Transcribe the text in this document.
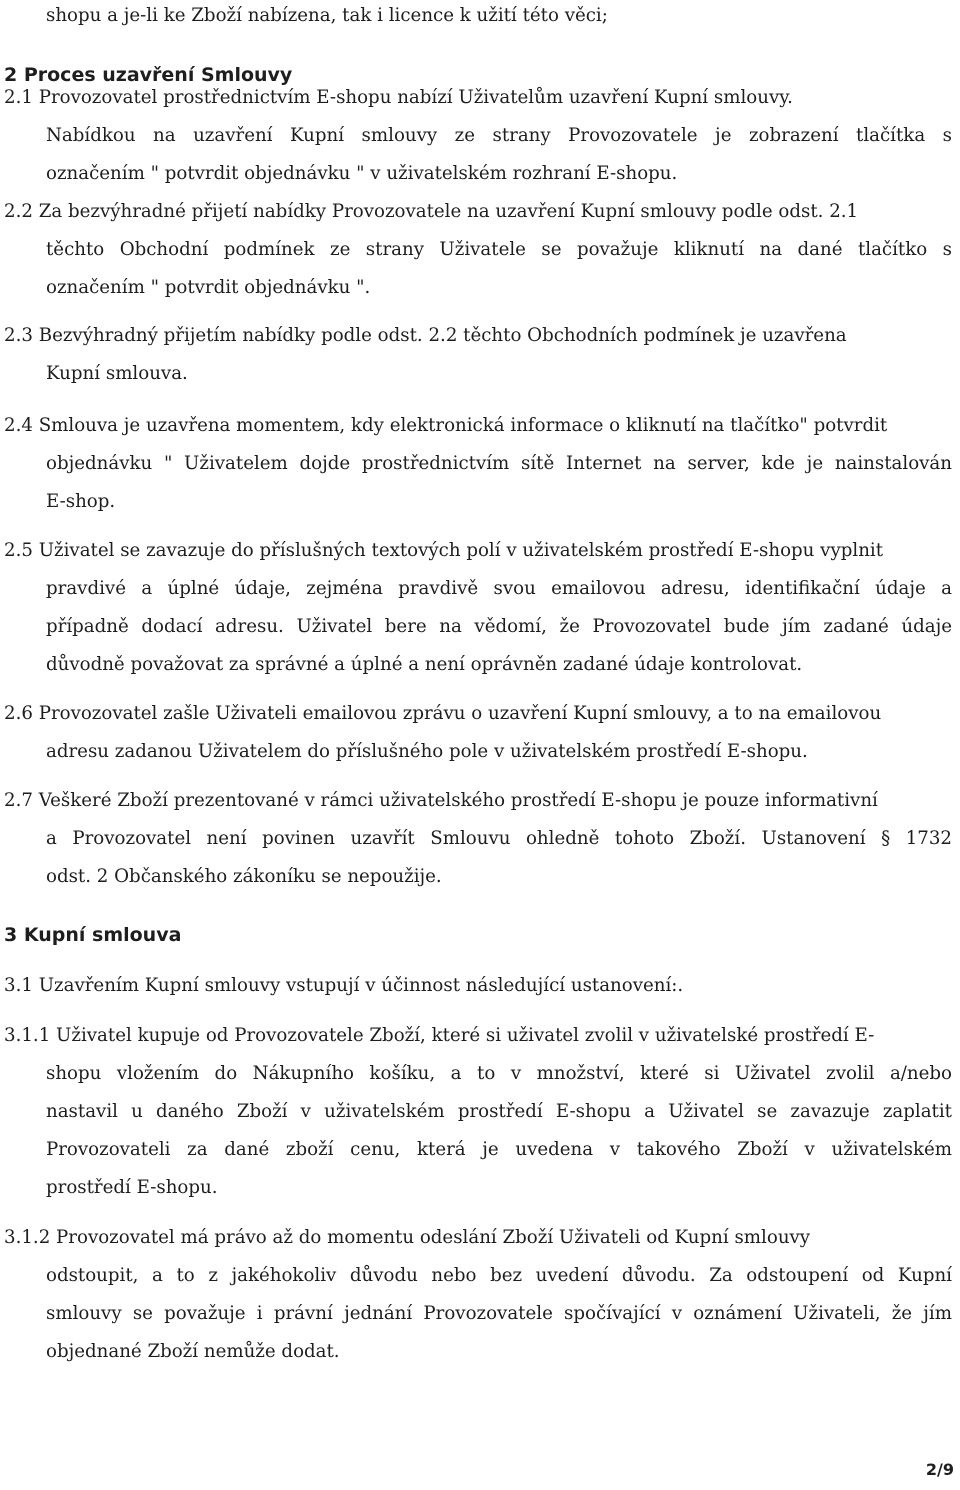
shopu a je-li ke Zboží nabízena, tak i licence k užití této věci;
2 Proces uzavření Smlouvy
2.1 Provozovatel prostřednictvím E-shopu nabízí Uživatelům uzavření Kupní smlouvy.
Nabídkou na uzavření Kupní smlouvy ze strany Provozovatele je zobrazení tlačítka s
označením " potvrdit objednávku " v uživatelském rozhraní E-shopu.
2.2 Za bezvýhradné přijetí nabídky Provozovatele na uzavření Kupní smlouvy podle odst. 2.1
těchto Obchodní podmínek ze strany Uživatele se považuje kliknutí na dané tlačítko s
označením " potvrdit objednávku ".
2.3 Bezvýhradný přijetím nabídky podle odst. 2.2 těchto Obchodních podmínek je uzavřena
Kupní smlouva.
2.4 Smlouva je uzavřena momentem, kdy elektronická informace o kliknutí na tlačítko" potvrdit
objednávku " Uživatelem dojde prostřednictvím sítě Internet na server, kde je nainstalován
E-shop.
2.5 Uživatel se zavazuje do příslušných textových polí v uživatelském prostředí E-shopu vyplnit
pravdivé a úplné údaje, zejména pravdivě svou emailovou adresu, identifikační údaje a
případně dodací adresu. Uživatel bere na vědomí, že Provozovatel bude jím zadané údaje
důvodně považovat za správné a úplné a není oprávněn zadané údaje kontrolovat.
2.6 Provozovatel zašle Uživateli emailovou zprávu o uzavření Kupní smlouvy, a to na emailovou
adresu zadanou Uživatelem do příslušného pole v uživatelském prostředí E-shopu.
2.7 Veškeré Zboží prezentované v rámci uživatelského prostředí E-shopu je pouze informativní
a Provozovatel není povinen uzavřít Smlouvu ohledně tohoto Zboží. Ustanovení § 1732
odst. 2 Občanského zákoníku se nepoužije.
3 Kupní smlouva
3.1 Uzavřením Kupní smlouvy vstupují v účinnost následující ustanovení:.
3.1.1 Uživatel kupuje od Provozovatele Zboží, které si uživatel zvolil v uživatelské prostředí E-
shopu vložením do Nákupního košíku, a to v množství, které si Uživatel zvolil a/nebo
nastavil u daného Zboží v uživatelském prostředí E-shopu a Uživatel se zavazuje zaplatit
Provozovateli za dané zboží cenu, která je uvedena v takového Zboží v uživatelském
prostředí E-shopu.
3.1.2 Provozovatel má právo až do momentu odeslání Zboží Uživateli od Kupní smlouvy
odstoupit, a to z jakéhokoliv důvodu nebo bez uvedení důvodu. Za odstoupení od Kupní
smlouvy se považuje i právní jednání Provozovatele spočívající v oznámení Uživateli, že jím
objednané Zboží nemůže dodat.
2/9
